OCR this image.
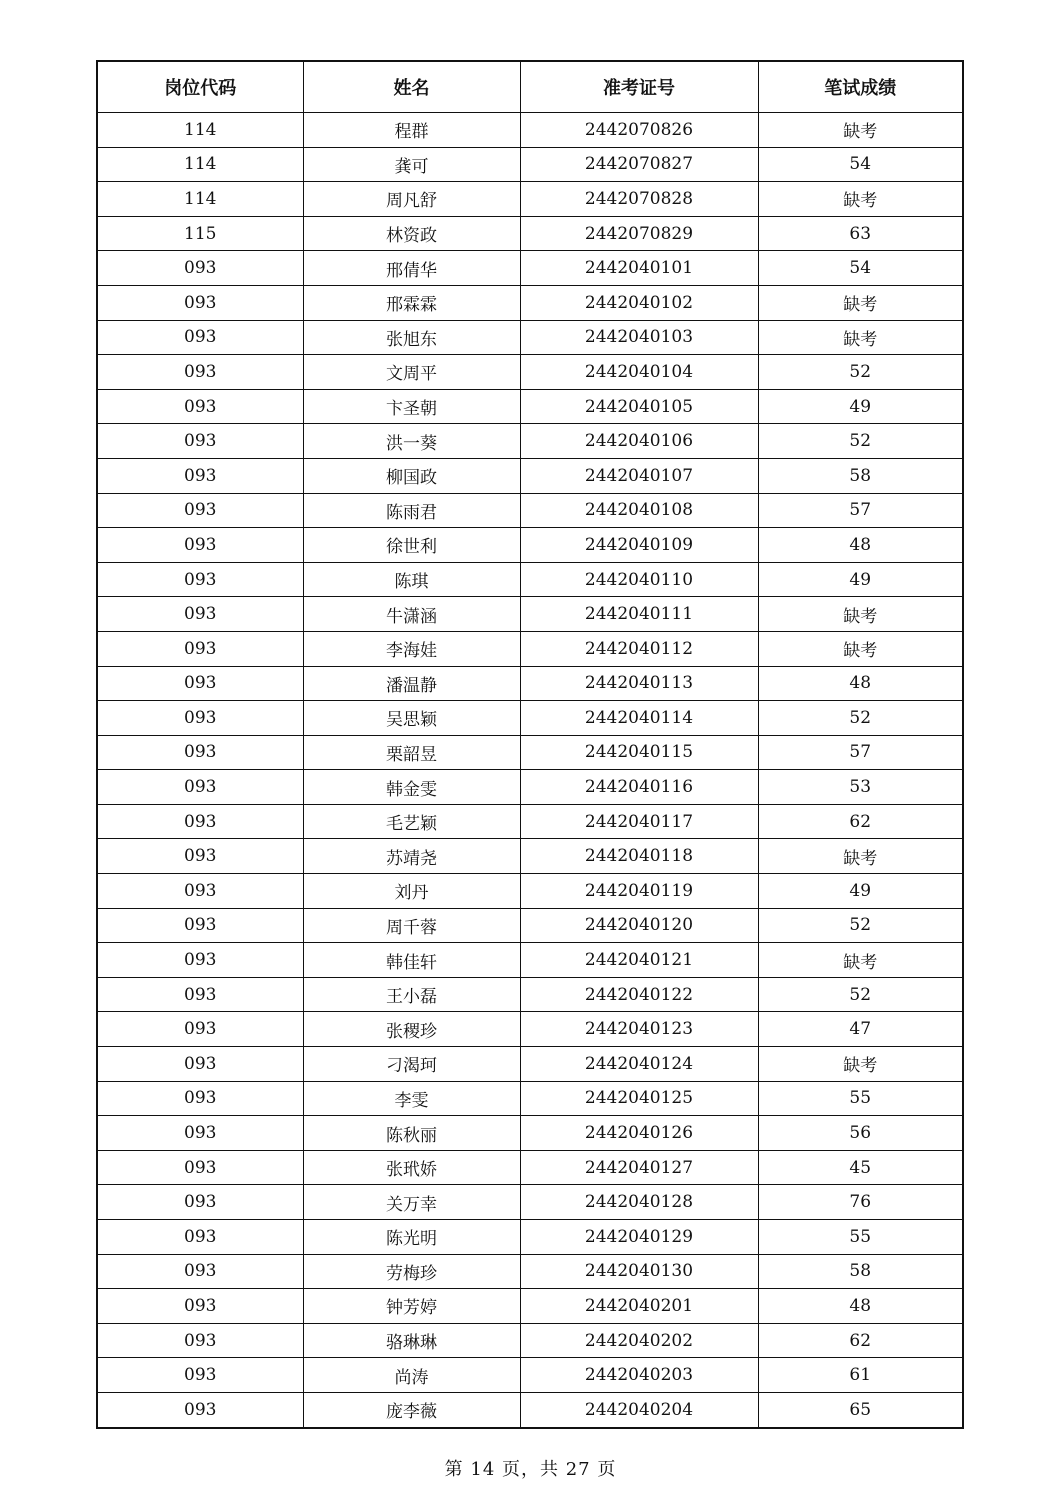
岗位代码	姓名	准考证号	笔试成绩
114	程群	2442070826	缺考
114	龚可	2442070827	54
114	周凡舒	2442070828	缺考
115	林资政	2442070829	63
093	邢倩华	2442040101	54
093	邢霖霖	2442040102	缺考
093	张旭东	2442040103	缺考
093	文周平	2442040104	52
093	卞圣朝	2442040105	49
093	洪一葵	2442040106	52
093	柳国政	2442040107	58
093	陈雨君	2442040108	57
093	徐世利	2442040109	48
093	陈琪	2442040110	49
093	牛潇涵	2442040111	缺考
093	李海娃	2442040112	缺考
093	潘温静	2442040113	48
093	吴思颖	2442040114	52
093	栗韶昱	2442040115	57
093	韩金雯	2442040116	53
093	毛艺颖	2442040117	62
093	苏靖尧	2442040118	缺考
093	刘丹	2442040119	49
093	周千蓉	2442040120	52
093	韩佳轩	2442040121	缺考
093	王小磊	2442040122	52
093	张稷珍	2442040123	47
093	刁渴珂	2442040124	缺考
093	李雯	2442040125	55
093	陈秋丽	2442040126	56
093	张玳娇	2442040127	45
093	关万幸	2442040128	76
093	陈光明	2442040129	55
093	劳梅珍	2442040130	58
093	钟芳婷	2442040201	48
093	骆琳琳	2442040202	62
093	尚涛	2442040203	61
093	庞李薇	2442040204	65
第 14 页，共 27 页
